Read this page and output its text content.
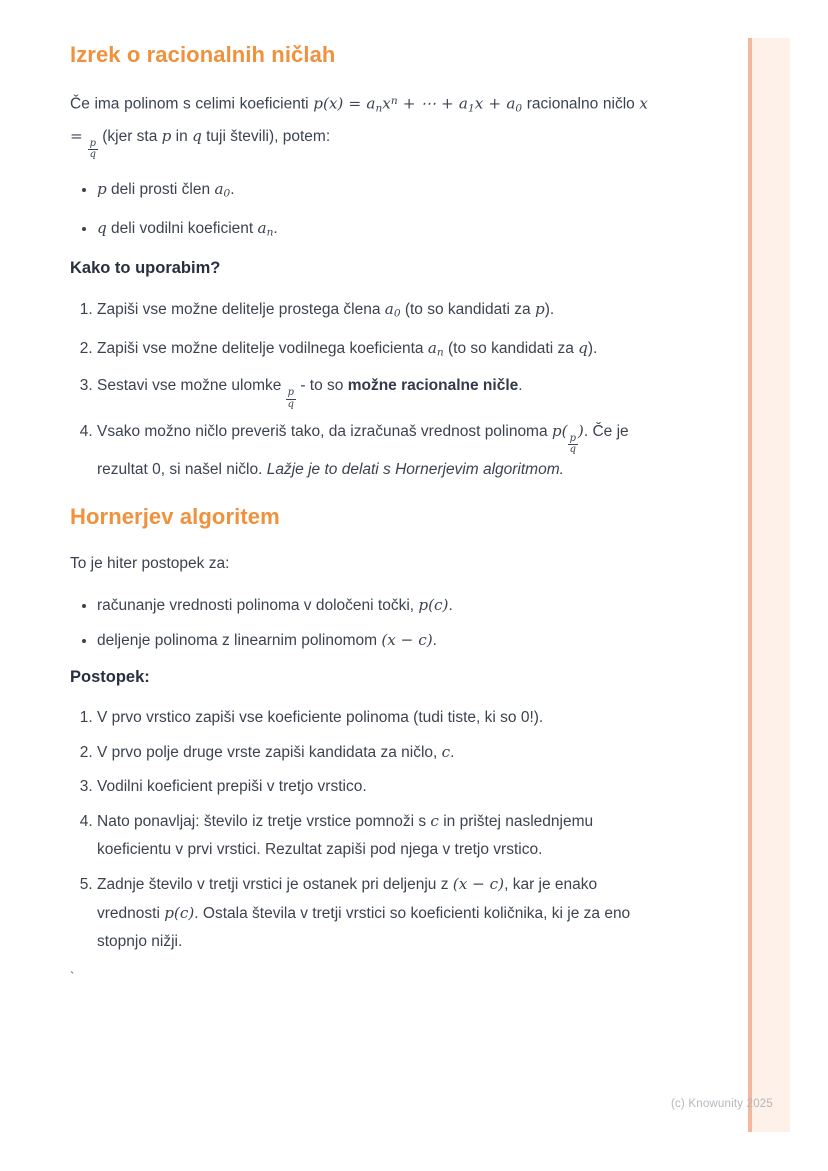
Izrek o racionalnih ničlah

Če ima polinom s celimi koeficienti $p(x) = a_nx^n$ + ⋯ + $a_1x + a_0$ racionalno ničlo x =
$\frac{p}{q}$
(kjer sta p in q tuji števili), potem:

• p deli prosti člen $a_0$.
• q deli vodilni koeficient $a_n$.
Kako to uporabim?
1. Zapiši vse možne delitelje prostega člena $a_0$ (to so kandidati za p).
2. Zapiši vse možne delitelje vodilnega koeficienta $a_n$ (to so kandidati za q).
3. Sestavi vse možne ulomke
$\frac{p}{q}$
- to so možne racionalne ničle.
4. Vsako možno ničlo preveriš tako, da izračunaš vrednost polinoma p(
$\frac{p}{q}$
). Če je rezultat 0, si našel ničlo. Lažje je to delati s Hornerjevim algoritmom.
Hornerjev algoritem

To je hiter postopek za:

• računanje vrednosti polinoma v določeni točki, p(c).
• deljenje polinoma z linearnim polinomom (x − c).
Postopek:
1. V prvo vrstico zapiši vse koeficiente polinoma (tudi tiste, ki so 0!).
2. V prvo polje druge vrste zapiši kandidata za ničlo, c.
3. Vodilni koeficient prepiši v tretjo vrstico.
4. Nato ponavljaj: število iz tretje vrstice pomnoži s c in prištej naslednjemu koeficientu v prvi vrstici. Rezultat zapiši pod njega v tretjo vrstico.
5. Zadnje število v tretji vrstici je ostanek pri deljenju z (x − c), kar je enako vrednosti p(c). Ostala števila v tretji vrstici so koeficienti količnika, ki je za eno stopnjo nižji.
`
(c) Knowunity 2025
